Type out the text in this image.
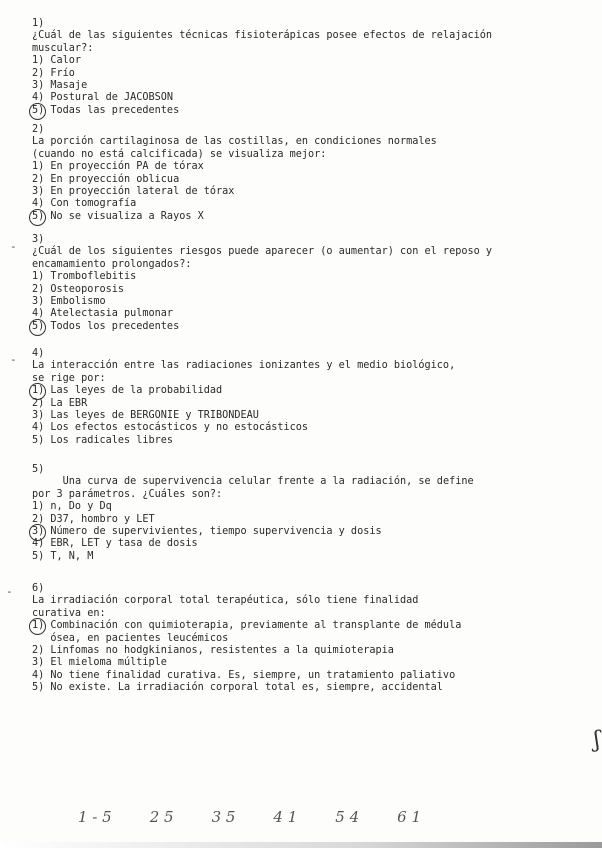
1)
¿Cuál de las siguientes técnicas fisioterápicas posee efectos de relajación
muscular?:
1) Calor
2) Frío
3) Masaje
4) Postural de JACOBSON
5) Todas las precedentes
2)
La porción cartilaginosa de las costillas, en condiciones normales
(cuando no está calcificada) se visualiza mejor:
1) En proyección PA de tórax
2) En proyección oblicua
3) En proyección lateral de tórax
4) Con tomografía
5) No se visualiza a Rayos X
3)
¿Cuál de los siguientes riesgos puede aparecer (o aumentar) con el reposo y
encamamiento prolongados?:
1) Tromboflebitis
2) Osteoporosis
3) Embolismo
4) Atelectasia pulmonar
5) Todos los precedentes
4)
La interacción entre las radiaciones ionizantes y el medio biológico,
se rige por:
1) Las leyes de la probabilidad
2) La EBR
3) Las leyes de BERGONIE y TRIBONDEAU
4) Los efectos estocásticos y no estocásticos
5) Los radicales libres
5)
Una curva de supervivencia celular frente a la radiación, se define
por 3 parámetros. ¿Cuáles son?:
1) n, Do y Dq
2) D37, hombro y LET
3) Número de supervivientes, tiempo supervivencia y dosis
4) EBR, LET y tasa de dosis
5) T, N, M
6)
La irradiación corporal total terapéutica, sólo tiene finalidad
curativa en:
1) Combinación con quimioterapia, previamente al transplante de médula
ósea, en pacientes leucémicos
2) Linfomas no hodgkinianos, resistentes a la quimioterapia
3) El mieloma múltiple
4) No tiene finalidad curativa. Es, siempre, un tratamiento paliativo
5) No existe. La irradiación corporal total es, siempre, accidental
-
-
-
1 - 5	2 5	3 5	4 1	5 4	6 1
ʃ
